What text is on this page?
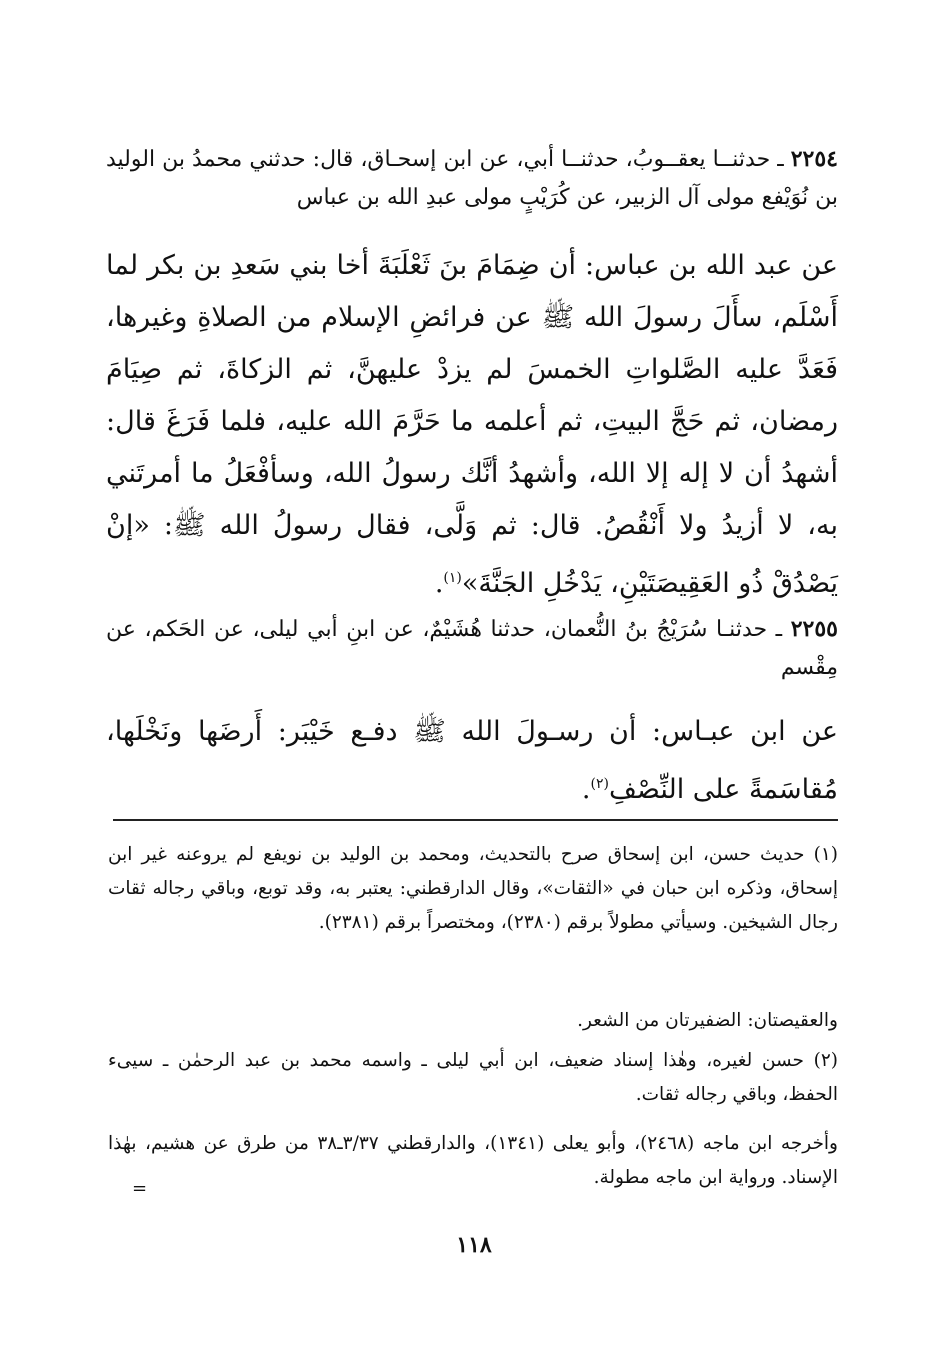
٢٢٥٤ ـ حدثنــا يعقــوبُ، حدثنــا أبي، عن ابن إسحـاق، قال: حدثني محمدُ بن الوليد بن نُوَيْفع مولى آل الزبير، عن كُرَيْبٍ مولى عبدِ الله بن عباس
عن عبد الله بن عباس: أن ضِمَامَ بنَ ثَعْلَبَةَ أخا بني سَعدِ بن بكر لما أَسْلَم، سأَلَ رسولَ الله ﷺ عن فرائضِ الإسلام من الصلاةِ وغيرها، فَعَدَّ عليه الصَّلواتِ الخمسَ لم يزدْ عليهنَّ، ثم الزكاةَ، ثم صِيَامَ رمضان، ثم حَجَّ البيتِ، ثم أعلمه ما حَرَّمَ الله عليه، فلما فَرَغَ قال: أشهدُ أن لا إله إلا الله، وأشهدُ أنَّك رسولُ الله، وسأفْعَلُ ما أمرتَني به، لا أزيدُ ولا أَنْقُصُ. قال: ثم وَلَّى، فقال رسولُ الله ﷺ: «إنْ يَصْدُقْ ذُو العَقِيصَتَيْنِ، يَدْخُلِ الجَنَّةَ»$^{(١)}$.
٢٢٥٥ ـ حدثنـا سُرَيْجُ بنُ النُّعمان، حدثنا هُشَيْمٌ، عن ابنِ أبي ليلى، عن الحَكم، عن مِقْسم
عن ابن عبـاس: أن رسـولَ الله ﷺ دفـع خَيْبَر: أَرضَها ونَخْلَها، مُقاسَمةً على النِّصْفِ$^{(٢)}$.
(١) حديث حسن، ابن إسحاق صرح بالتحديث، ومحمد بن الوليد بن نويفع لم يروعنه غير ابن إسحاق، وذكره ابن حبان في «الثقات»، وقال الدارقطني: يعتبر به، وقد توبع، وباقي رجاله ثقات رجال الشيخين. وسيأتي مطولاً برقم (٢٣٨٠)، ومختصراً برقم (٢٣٨١).
والعقيصتان: الضفيرتان من الشعر.
(٢) حسن لغيره، وهٰذا إسناد ضعيف، ابن أبي ليلى ـ واسمه محمد بن عبد الرحمٰن ـ سيىء الحفظ، وباقي رجاله ثقات.
وأخرجه ابن ماجه (٢٤٦٨)، وأبو يعلى (١٣٤١)، والدارقطني ٣/٣٧ـ٣٨ من طرق عن هشيم، بهٰذا الإسناد. ورواية ابن ماجه مطولة.
=
١١٨
